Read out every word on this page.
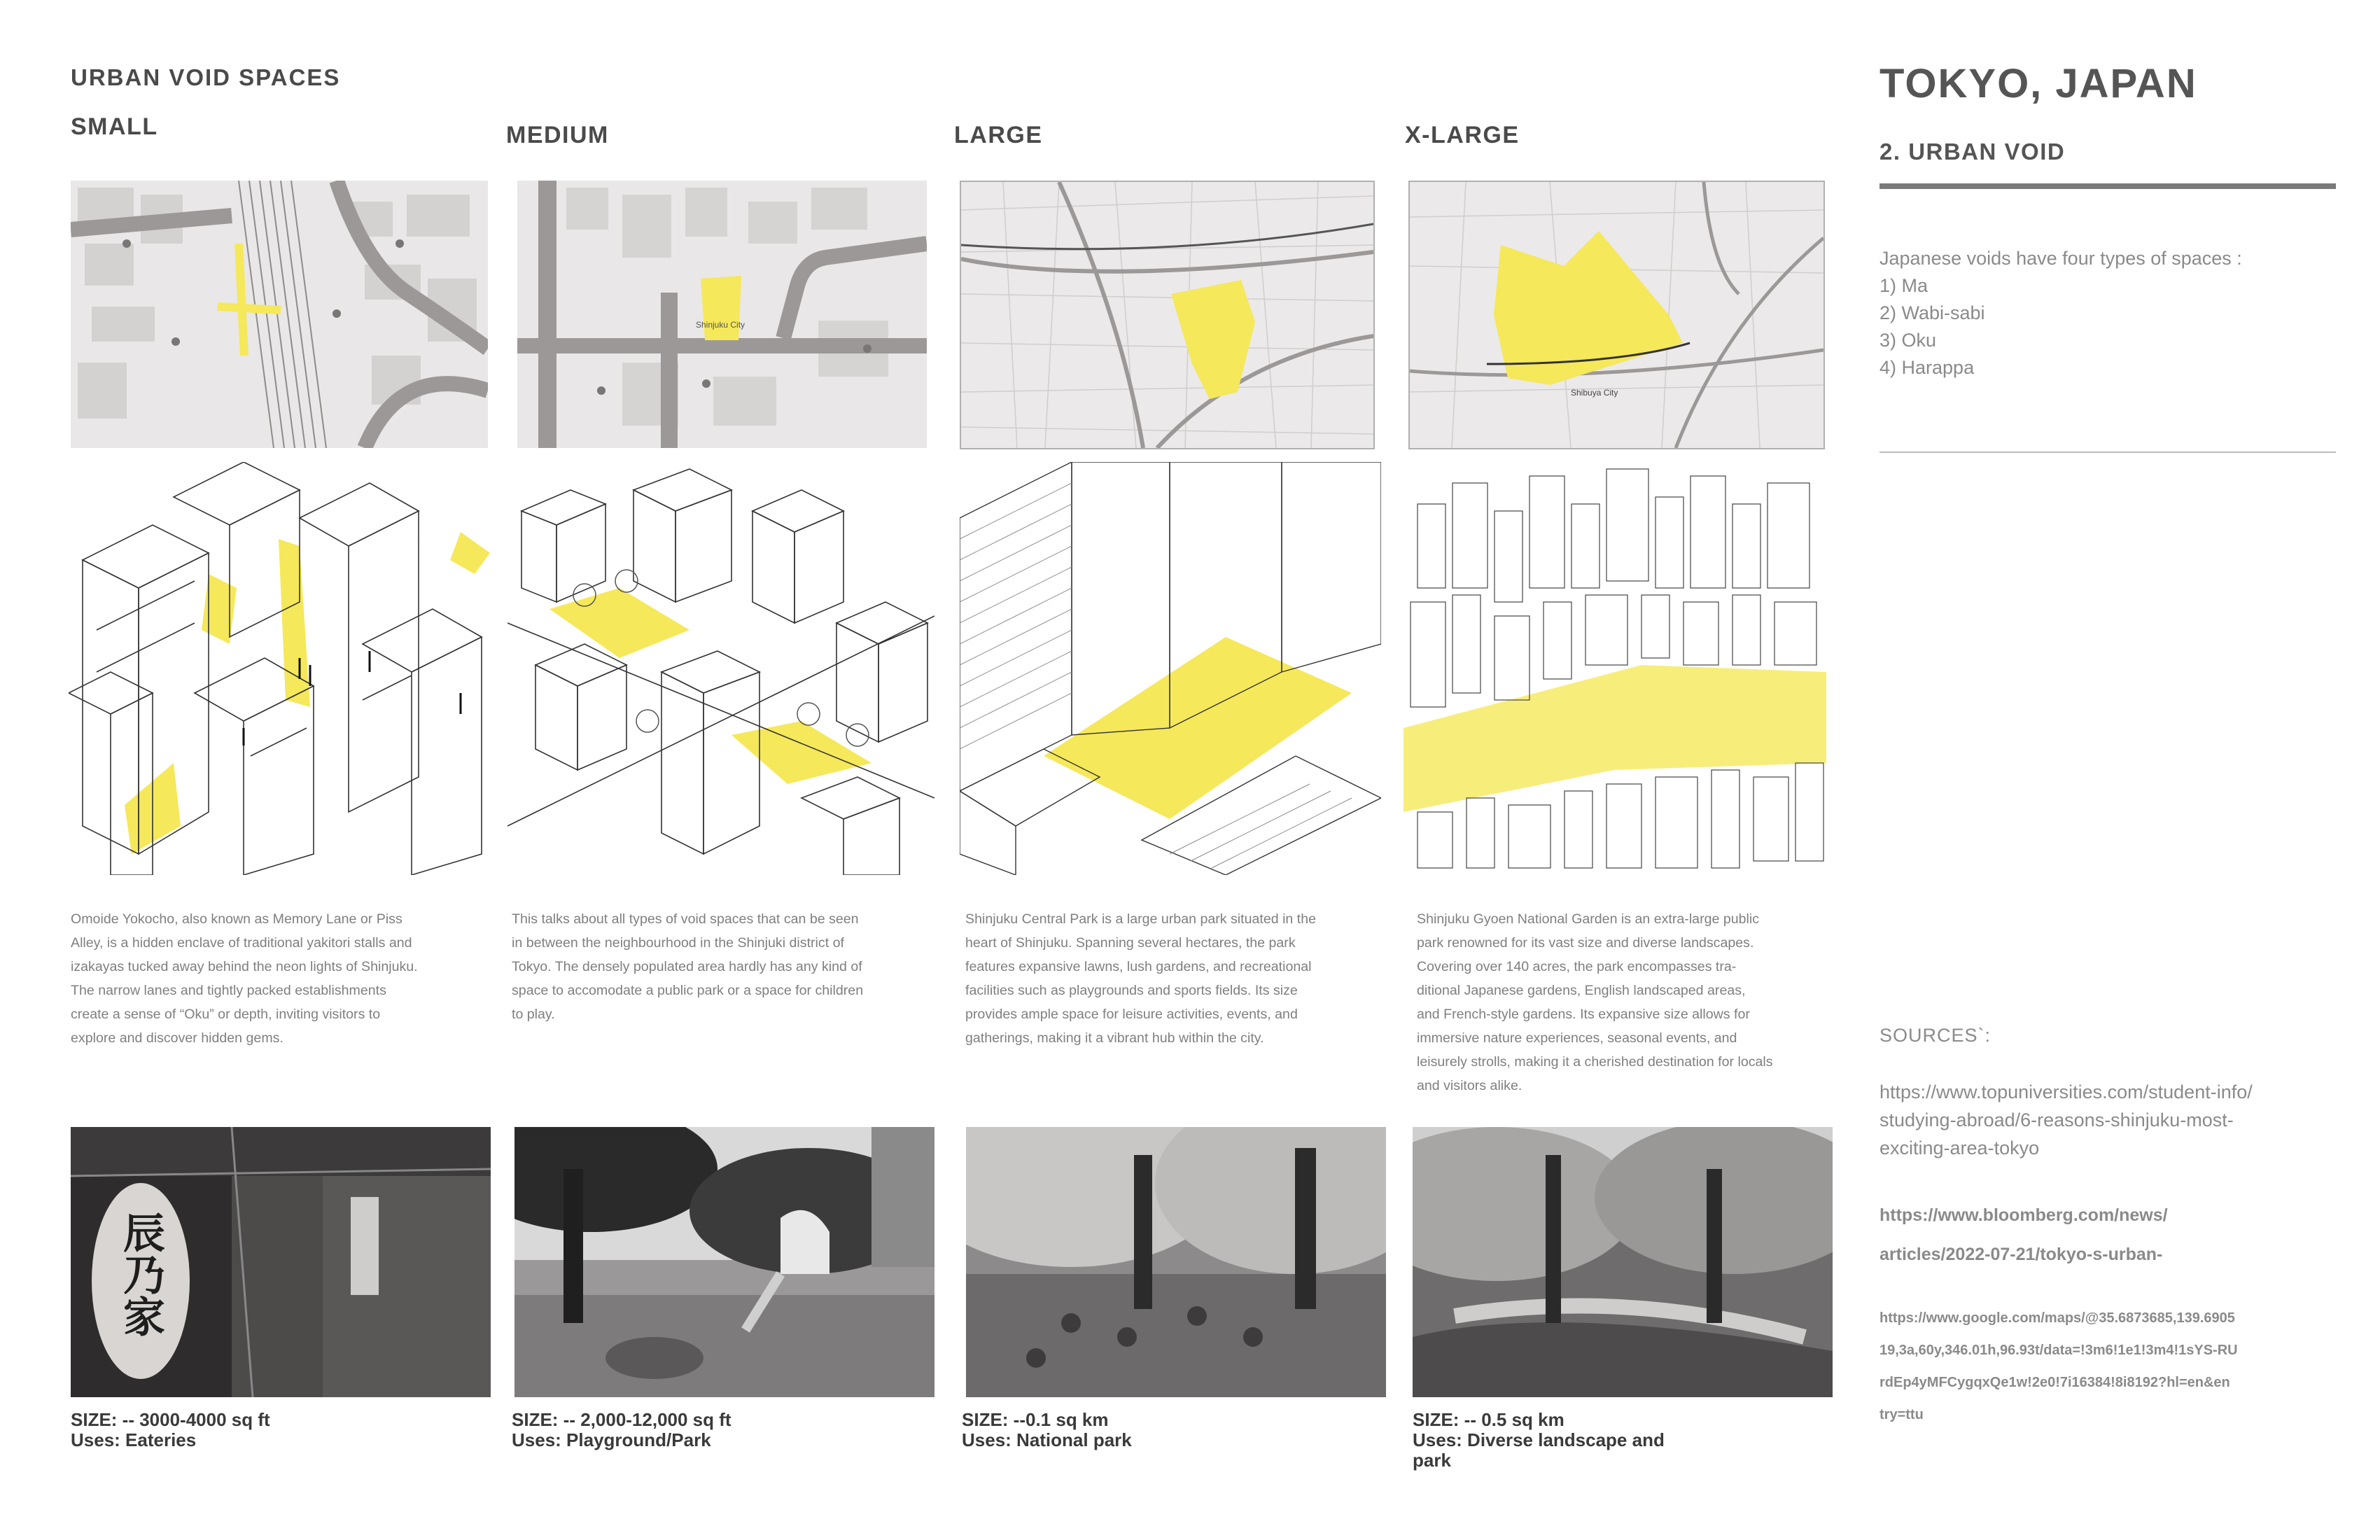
URBAN VOID SPACES	TOKYO, JAPAN
2. URBAN VOID
Japanese voids have four types of spaces :
1) Ma
2) Wabi-sabi
3) Oku
4) Harappa
SMALL	MEDIUM	LARGE	X-LARGE
Shinjuku City
Shibuya City
Omoide Yokocho, also known as Memory Lane or Piss
Alley, is a hidden enclave of traditional yakitori stalls and
izakayas tucked away behind the neon lights of Shinjuku.
The narrow lanes and tightly packed establishments
create a sense of “Oku” or depth, inviting visitors to
explore and discover hidden gems.
This talks about all types of void spaces that can be seen
in between the neighbourhood in the Shinjuki district of
Tokyo. The densely populated area hardly has any kind of
space to accomodate a public park or a space for children
to play.
Shinjuku Central Park is a large urban park situated in the
heart of Shinjuku. Spanning several hectares, the park
features expansive lawns, lush gardens, and recreational
facilities such as playgrounds and sports fields. Its size
provides ample space for leisure activities, events, and
gatherings, making it a vibrant hub within the city.
Shinjuku Gyoen National Garden is an extra-large public
park renowned for its vast size and diverse landscapes.
Covering over 140 acres, the park encompasses tra-
ditional Japanese gardens, English landscaped areas,
and French-style gardens. Its expansive size allows for
immersive nature experiences, seasonal events, and
leisurely strolls, making it a cherished destination for locals
and visitors alike.
辰乃家
SIZE: -- 3000-4000 sq ft
Uses: Eateries
SIZE: -- 2,000-12,000 sq ft
Uses: Playground/Park
SIZE: --0.1 sq km
Uses: National park
SIZE: -- 0.5 sq km
Uses: Diverse landscape and
park
SOURCES`:
https://www.topuniversities.com/student-info/
studying-abroad/6-reasons-shinjuku-most-
exciting-area-tokyo
https://www.bloomberg.com/news/
articles/2022-07-21/tokyo-s-urban-
https://www.google.com/maps/@35.6873685,139.6905
19,3a,60y,346.01h,96.93t/data=!3m6!1e1!3m4!1sYS-RU
rdEp4yMFCygqxQe1w!2e0!7i16384!8i8192?hl=en&en
try=ttu
